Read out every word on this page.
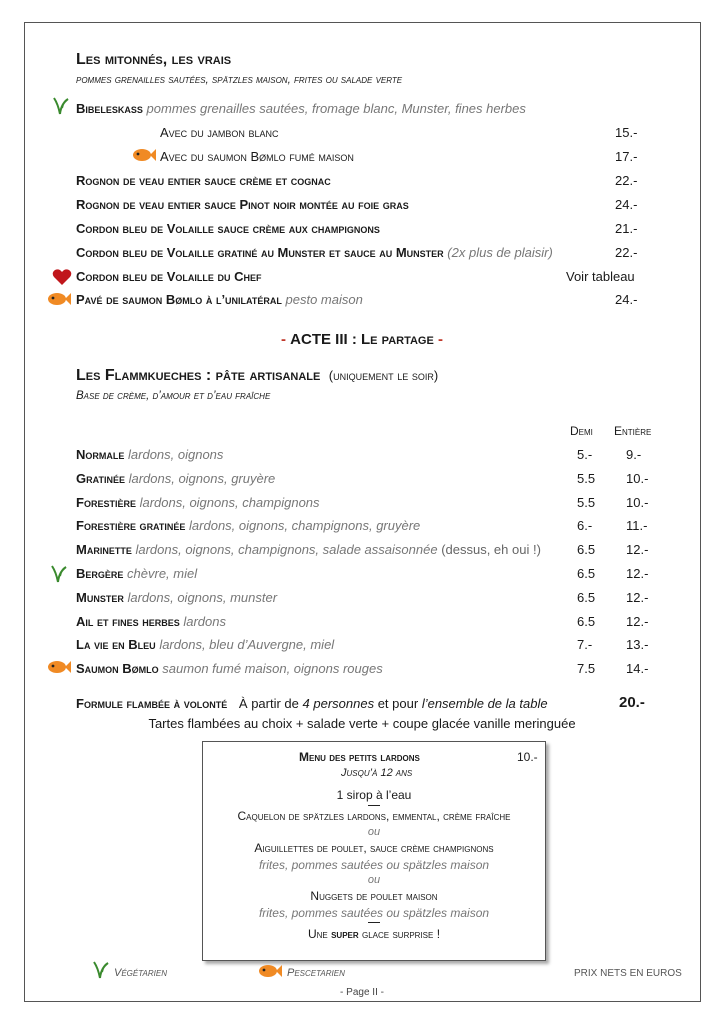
Les mitonnés, les vrais
pommes grenailles sautées, spätzles maison, frites ou salade verte
Bibeleskass pommes grenailles sautées, fromage blanc, Munster, fines herbes
Avec du jambon blanc	15.-
Avec du saumon Bømlo fumé maison	17.-
Rognon de veau entier sauce crème et cognac	22.-
Rognon de veau entier sauce Pinot noir montée au foie gras	24.-
Cordon bleu de Volaille sauce crème aux champignons	21.-
Cordon bleu de Volaille gratiné au Munster et sauce au Munster (2x plus de plaisir)	22.-
Cordon bleu de Volaille du Chef	Voir tableau
Pavé de saumon Bømlo à l’unilatéral pesto maison	24.-
- ACTE III : Le partage -
Les Flammkueches : pâte artisanale (uniquement le soir)
Base de crème, d’amour et d’eau fraîche
Demi Entière
Normale lardons, oignons	5.-	9.-
Gratinée lardons, oignons, gruyère	5.5 10.-
Forestière lardons, oignons, champignons	5.5 10.-
Forestière gratinée lardons, oignons, champignons, gruyère	6.-	11.-
Marinette lardons, oignons, champignons, salade assaisonnée (dessus, eh oui !)	6.5 12.-
Bergère chèvre, miel	6.5 12.-
Munster lardons, oignons, munster	6.5 12.-
Ail et fines herbes lardons	6.5 12.-
La vie en Bleu lardons, bleu d’Auvergne, miel	7.-	13.-
Saumon Bømlo saumon fumé maison, oignons rouges	7.5 14.-
Formule flambée à volonté À partir de 4 personnes et pour l’ensemble de la table	20.-
Tartes flambées au choix + salade verte + coupe glacée vanille meringuée
Menu des petits lardons	10.-
Jusqu’à 12 ans
1 sirop à l’eau
Caquelon de spätzles lardons, emmental, crème fraîche
ou
Aiguillettes de poulet, sauce crème champignons
frites, pommes sautées ou spätzles maison
ou
Nuggets de poulet maison
frites, pommes sautées ou spätzles maison
Une super glace surprise !
Végétarien	Pescetarien	PRIX NETS EN EUROS
- Page II -
